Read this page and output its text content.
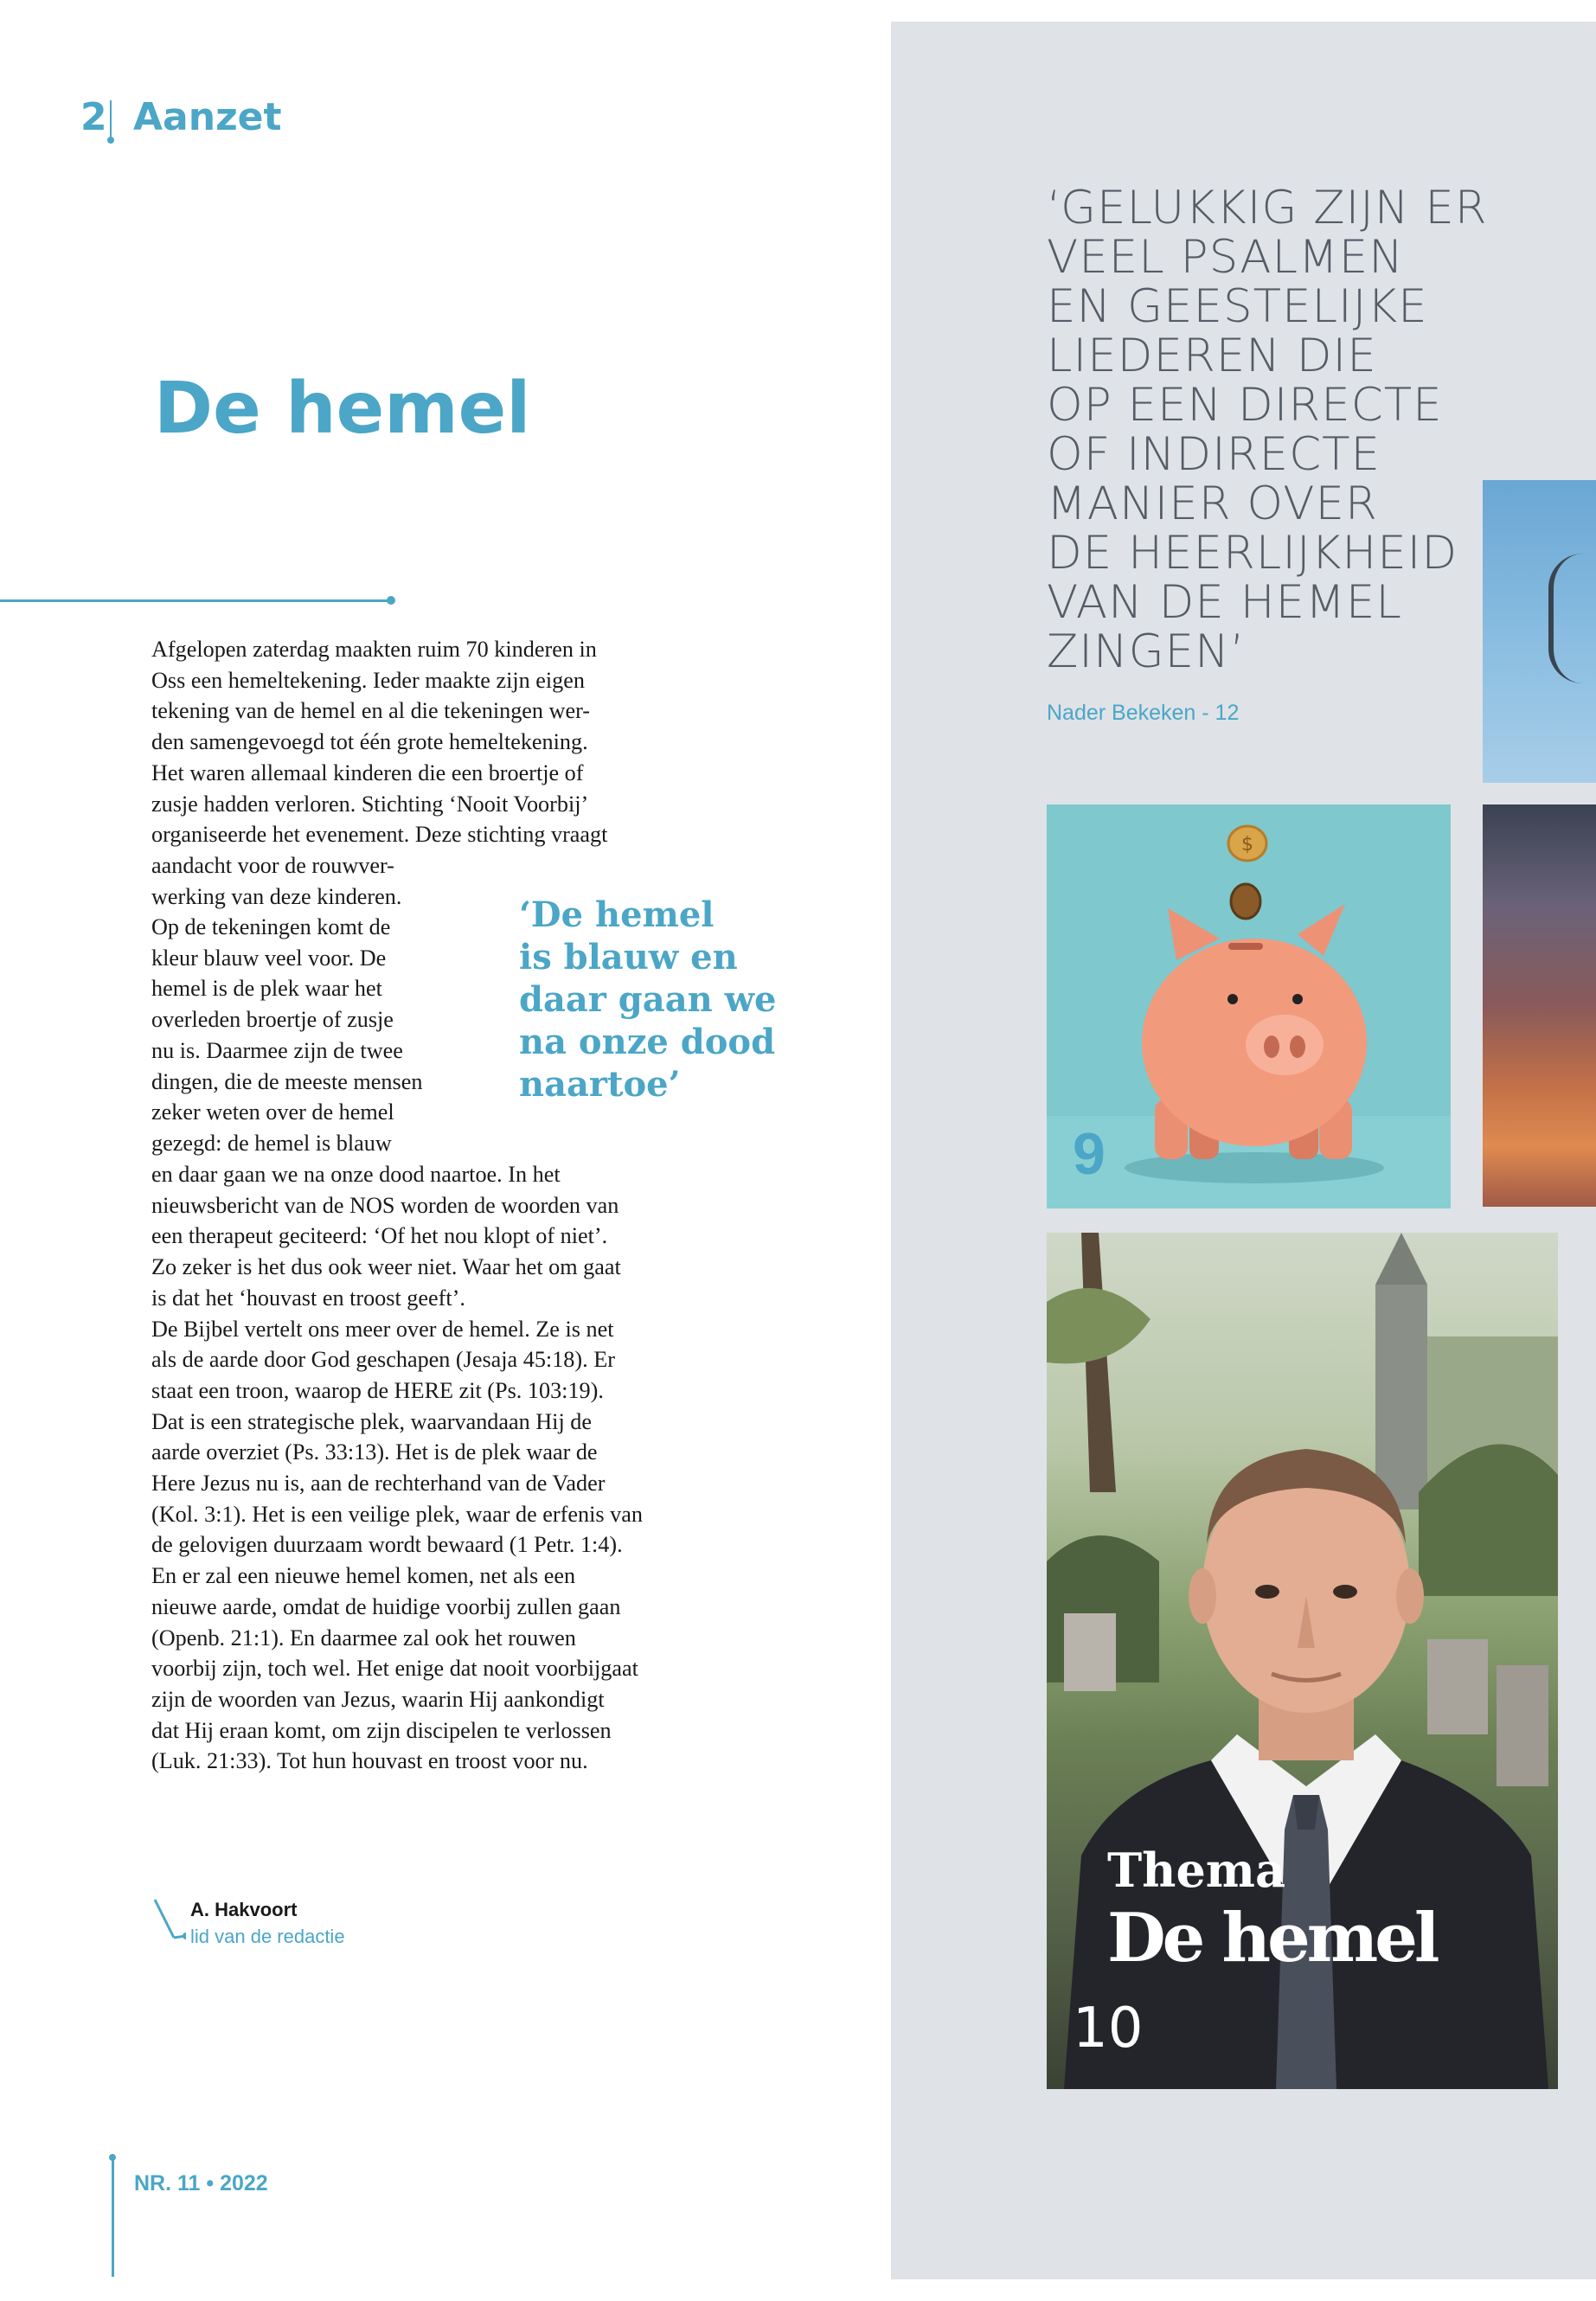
2 Aanzet
De hemel
Afgelopen zaterdag maakten ruim 70 kinderen in
Oss een hemeltekening. Ieder maakte zijn eigen
tekening van de hemel en al die tekeningen wer-
den samengevoegd tot één grote hemeltekening.
Het waren allemaal kinderen die een broertje of
zusje hadden verloren. Stichting ‘Nooit Voorbij’
organiseerde het evenement. Deze stichting vraagt
aandacht voor de rouwver-
werking van deze kinderen.
Op de tekeningen komt de
kleur blauw veel voor. De
hemel is de plek waar het
overleden broertje of zusje
nu is. Daarmee zijn de twee
dingen, die de meeste mensen
zeker weten over de hemel
gezegd: de hemel is blauw
‘De hemel
is blauw en
daar gaan we
na onze dood
naartoe’
en daar gaan we na onze dood naartoe. In het
nieuwsbericht van de NOS worden de woorden van
een therapeut geciteerd: ‘Of het nou klopt of niet’.
Zo zeker is het dus ook weer niet. Waar het om gaat
is dat het ‘houvast en troost geeft’.
De Bijbel vertelt ons meer over de hemel. Ze is net
als de aarde door God geschapen (Jesaja 45:18). Er
staat een troon, waarop de HERE zit (Ps. 103:19).
Dat is een strategische plek, waarvandaan Hij de
aarde overziet (Ps. 33:13). Het is de plek waar de
Here Jezus nu is, aan de rechterhand van de Vader
(Kol. 3:1). Het is een veilige plek, waar de erfenis van
de gelovigen duurzaam wordt bewaard (1 Petr. 1:4).
En er zal een nieuwe hemel komen, net als een
nieuwe aarde, omdat de huidige voorbij zullen gaan
(Openb. 21:1). En daarmee zal ook het rouwen
voorbij zijn, toch wel. Het enige dat nooit voorbijgaat
zijn de woorden van Jezus, waarin Hij aankondigt
dat Hij eraan komt, om zijn discipelen te verlossen
(Luk. 21:33). Tot hun houvast en troost voor nu.
A. Hakvoort
lid van de redactie
NR. 11 • 2022
‘GELUKKIG ZIJN ER
VEEL PSALMEN
EN GEESTELIJKE
LIEDEREN DIE
OP EEN DIRECTE
OF INDIRECTE
MANIER OVER
DE HEERLIJKHEID
VAN DE HEMEL
ZINGEN’
Nader Bekeken - 12
$
9
Thema
De hemel
10
